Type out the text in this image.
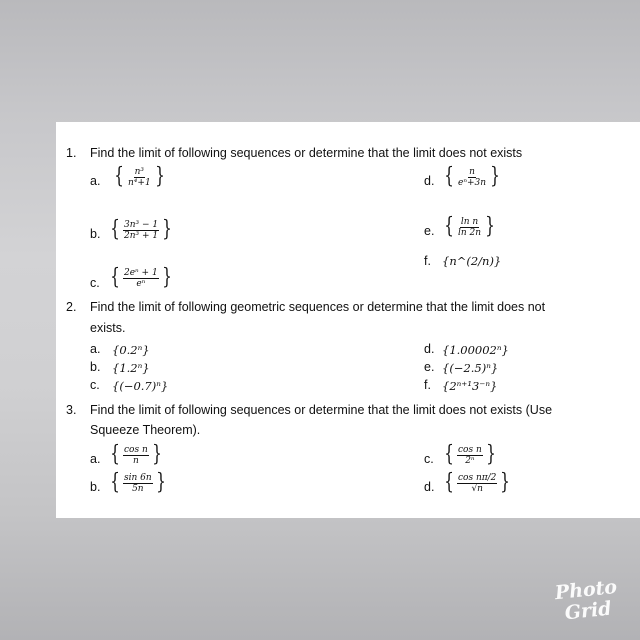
1. Find the limit of following sequences or determine that the limit does not exists
a. { $\frac{\text{n³}}{\text{n⁴+1}}$ }	d. { $\frac{n}{\text{eⁿ+3n}}$ }
b. { $\frac{\text{3n³ − 1}}{\text{2n³ + 1}}$ }	e. { $\frac{\text{ln n}}{\ln 2n}$ }
f. {n^(2/n)}
c. { $\frac{\text{2eⁿ + 1}}{\text{eⁿ}}$ }
2. Find the limit of following geometric sequences or determine that the limit does not
exists.
a. {0.2ⁿ}
b. {1.2ⁿ}
c. {(−0.7)ⁿ}
d. {1.00002ⁿ}
e. {(−2.5)ⁿ}
f. {2ⁿ⁺¹3⁻ⁿ}
3. Find the limit of following sequences or determine that the limit does not exists (Use
Squeeze Theorem).
a. { $\frac{\text{cos n}}{n}$ }
b. { $\frac{\sin 6n}{5n}$ }
c. { $\frac{\text{cos n}}{\text{2ⁿ}}$ }
d. { $\frac{\text{cos nπ/2}}{√n}$ }
Photo
Grid
